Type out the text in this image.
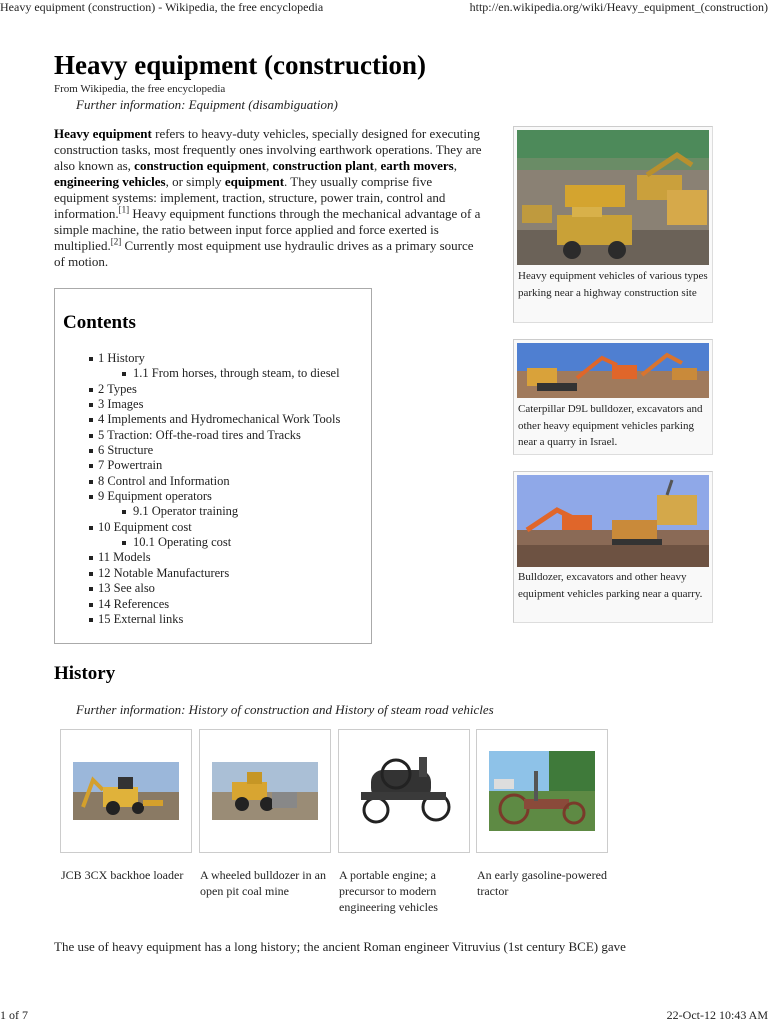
Heavy equipment (construction) - Wikipedia, the free encyclopedia	http://en.wikipedia.org/wiki/Heavy_equipment_(construction)
1 of 7	22-Oct-12 10:43 AM
Heavy equipment (construction)
From Wikipedia, the free encyclopedia
Further information: Equipment (disambiguation)

Heavy equipment refers to heavy-duty vehicles, specially designed for executing construction tasks, most frequently ones involving earthwork operations. They are also known as, construction equipment, construction plant, earth movers, engineering vehicles, or simply equipment. They usually comprise five equipment systems: implement, traction, structure, power train, control and information.[1] Heavy equipment functions through the mechanical advantage of a simple machine, the ratio between input force applied and force exerted is multiplied.[2] Currently most equipment use hydraulic drives as a primary source of motion.

Contents
1 History
1.1 From horses, through steam, to diesel
2 Types
3 Images
4 Implements and Hydromechanical Work Tools
5 Traction: Off-the-road tires and Tracks
6 Structure
7 Powertrain
8 Control and Information
9 Equipment operators
9.1 Operator training
10 Equipment cost
10.1 Operating cost
11 Models
12 Notable Manufacturers
13 See also
14 References
15 External links
Heavy equipment vehicles of various types parking near a highway construction site
Caterpillar D9L bulldozer, excavators and other heavy equipment vehicles parking near a quarry in Israel.
Bulldozer, excavators and other heavy equipment vehicles parking near a quarry.
History
Further information: History of construction and History of steam road vehicles
JCB 3CX backhoe loader	A wheeled bulldozer in an open pit coal mine
A portable engine; a precursor to modern engineering vehicles
An early gasoline-powered tractor
The use of heavy equipment has a long history; the ancient Roman engineer Vitruvius (1st century BCE) gave
